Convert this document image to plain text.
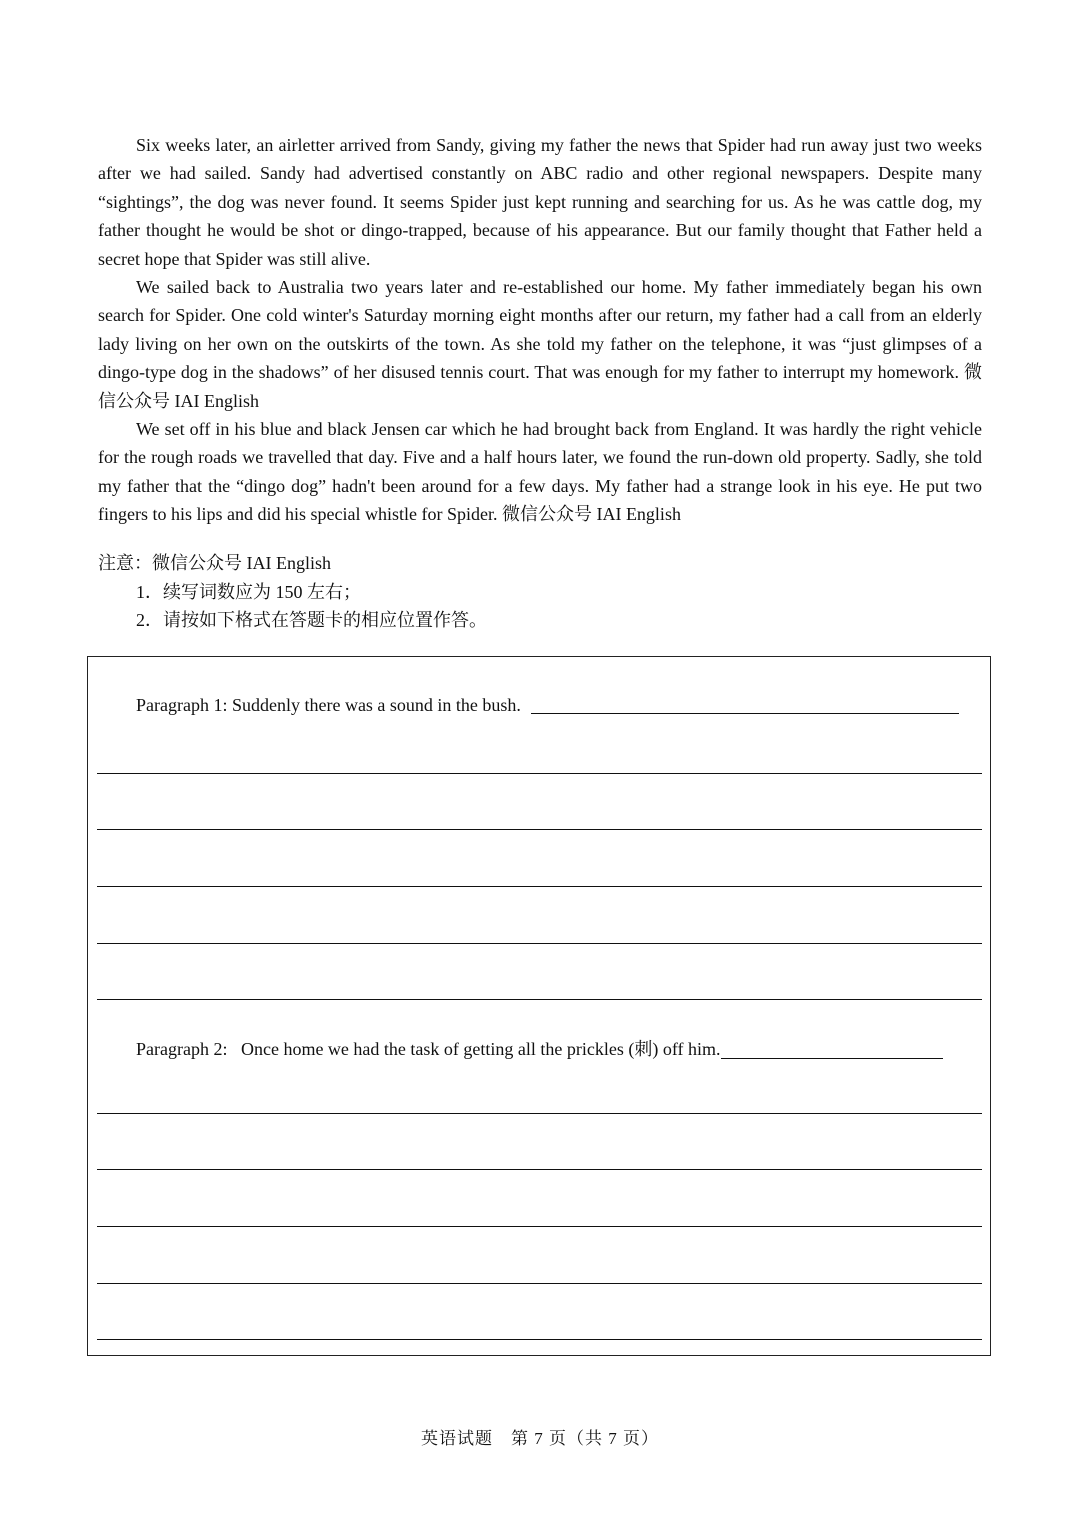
Six weeks later, an airletter arrived from Sandy, giving my father the news that Spider had run away just two weeks after we had sailed. Sandy had advertised constantly on ABC radio and other regional newspapers. Despite many “sightings”, the dog was never found. It seems Spider just kept running and searching for us. As he was cattle dog, my father thought he would be shot or dingo-trapped, because of his appearance. But our family thought that Father held a secret hope that Spider was still alive.

We sailed back to Australia two years later and re-established our home. My father immediately began his own search for Spider. One cold winter's Saturday morning eight months after our return, my father had a call from an elderly lady living on her own on the outskirts of the town. As she told my father on the telephone, it was “just glimpses of a dingo-type dog in the shadows” of her disused tennis court. That was enough for my father to interrupt my homework. 微信公众号 IAI English

We set off in his blue and black Jensen car which he had brought back from England. It was hardly the right vehicle for the rough roads we travelled that day. Five and a half hours later, we found the run-down old property. Sadly, she told my father that the “dingo dog” hadn't been around for a few days. My father had a strange look in his eye. He put two fingers to his lips and did his special whistle for Spider. 微信公众号 IAI English

注意：微信公众号 IAI English
1．续写词数应为 150 左右；
2．请按如下格式在答题卡的相应位置作答。
Paragraph 1: Suddenly there was a sound in the bush.
Paragraph 2:   Once home we had the task of getting all the prickles (刺) off him.
英语试题　第 7 页（共 7 页）
